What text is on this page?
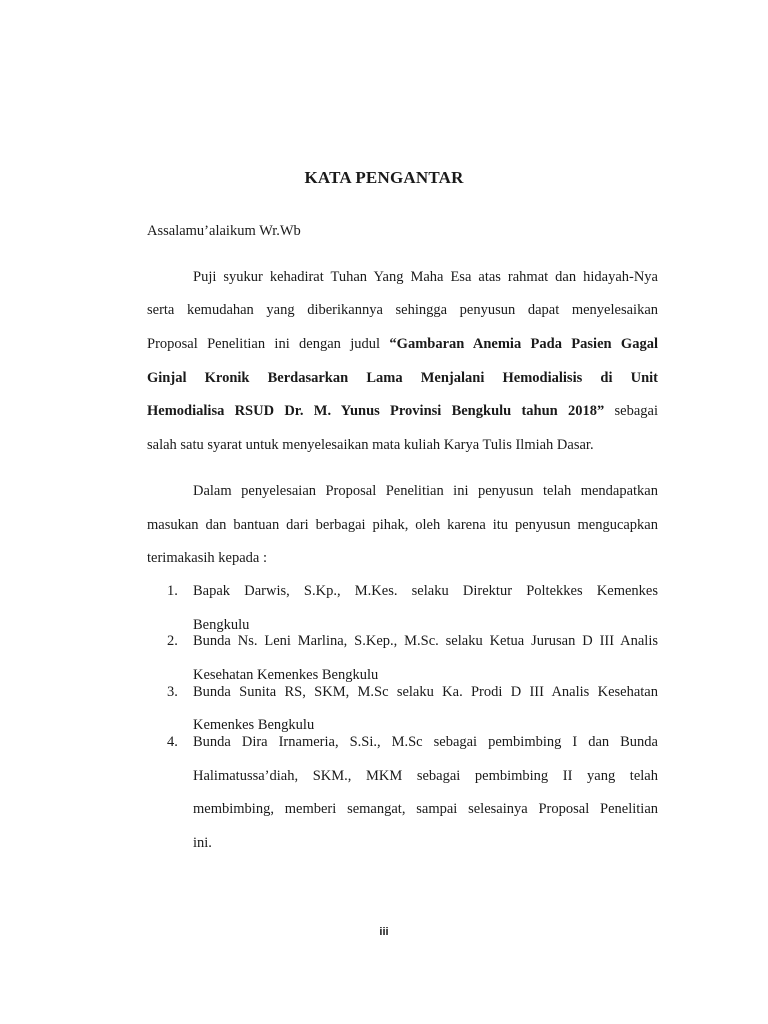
KATA PENGANTAR
Assalamu’alaikum Wr.Wb
Puji syukur kehadirat Tuhan Yang Maha Esa atas rahmat dan hidayah-Nya
serta kemudahan yang diberikannya sehingga penyusun dapat menyelesaikan
Proposal Penelitian ini dengan judul “Gambaran Anemia Pada Pasien Gagal
Ginjal Kronik Berdasarkan Lama Menjalani Hemodialisis di Unit
Hemodialisa RSUD Dr. M. Yunus Provinsi Bengkulu tahun 2018” sebagai
salah satu syarat untuk menyelesaikan mata kuliah Karya Tulis Ilmiah Dasar.
Dalam penyelesaian Proposal Penelitian ini penyusun telah mendapatkan
masukan dan bantuan dari berbagai pihak, oleh karena itu penyusun mengucapkan
terimakasih kepada :
1.	Bapak Darwis, S.Kp., M.Kes. selaku Direktur Poltekkes Kemenkes
Bengkulu
2.	Bunda Ns. Leni Marlina, S.Kep., M.Sc. selaku Ketua Jurusan D III Analis
Kesehatan Kemenkes Bengkulu
3.	Bunda Sunita RS, SKM, M.Sc selaku Ka. Prodi D III Analis Kesehatan
Kemenkes Bengkulu
4.	Bunda Dira Irnameria, S.Si., M.Sc sebagai pembimbing I dan Bunda
Halimatussa’diah, SKM., MKM sebagai pembimbing II yang telah
membimbing, memberi semangat, sampai selesainya Proposal Penelitian
ini.
iii
